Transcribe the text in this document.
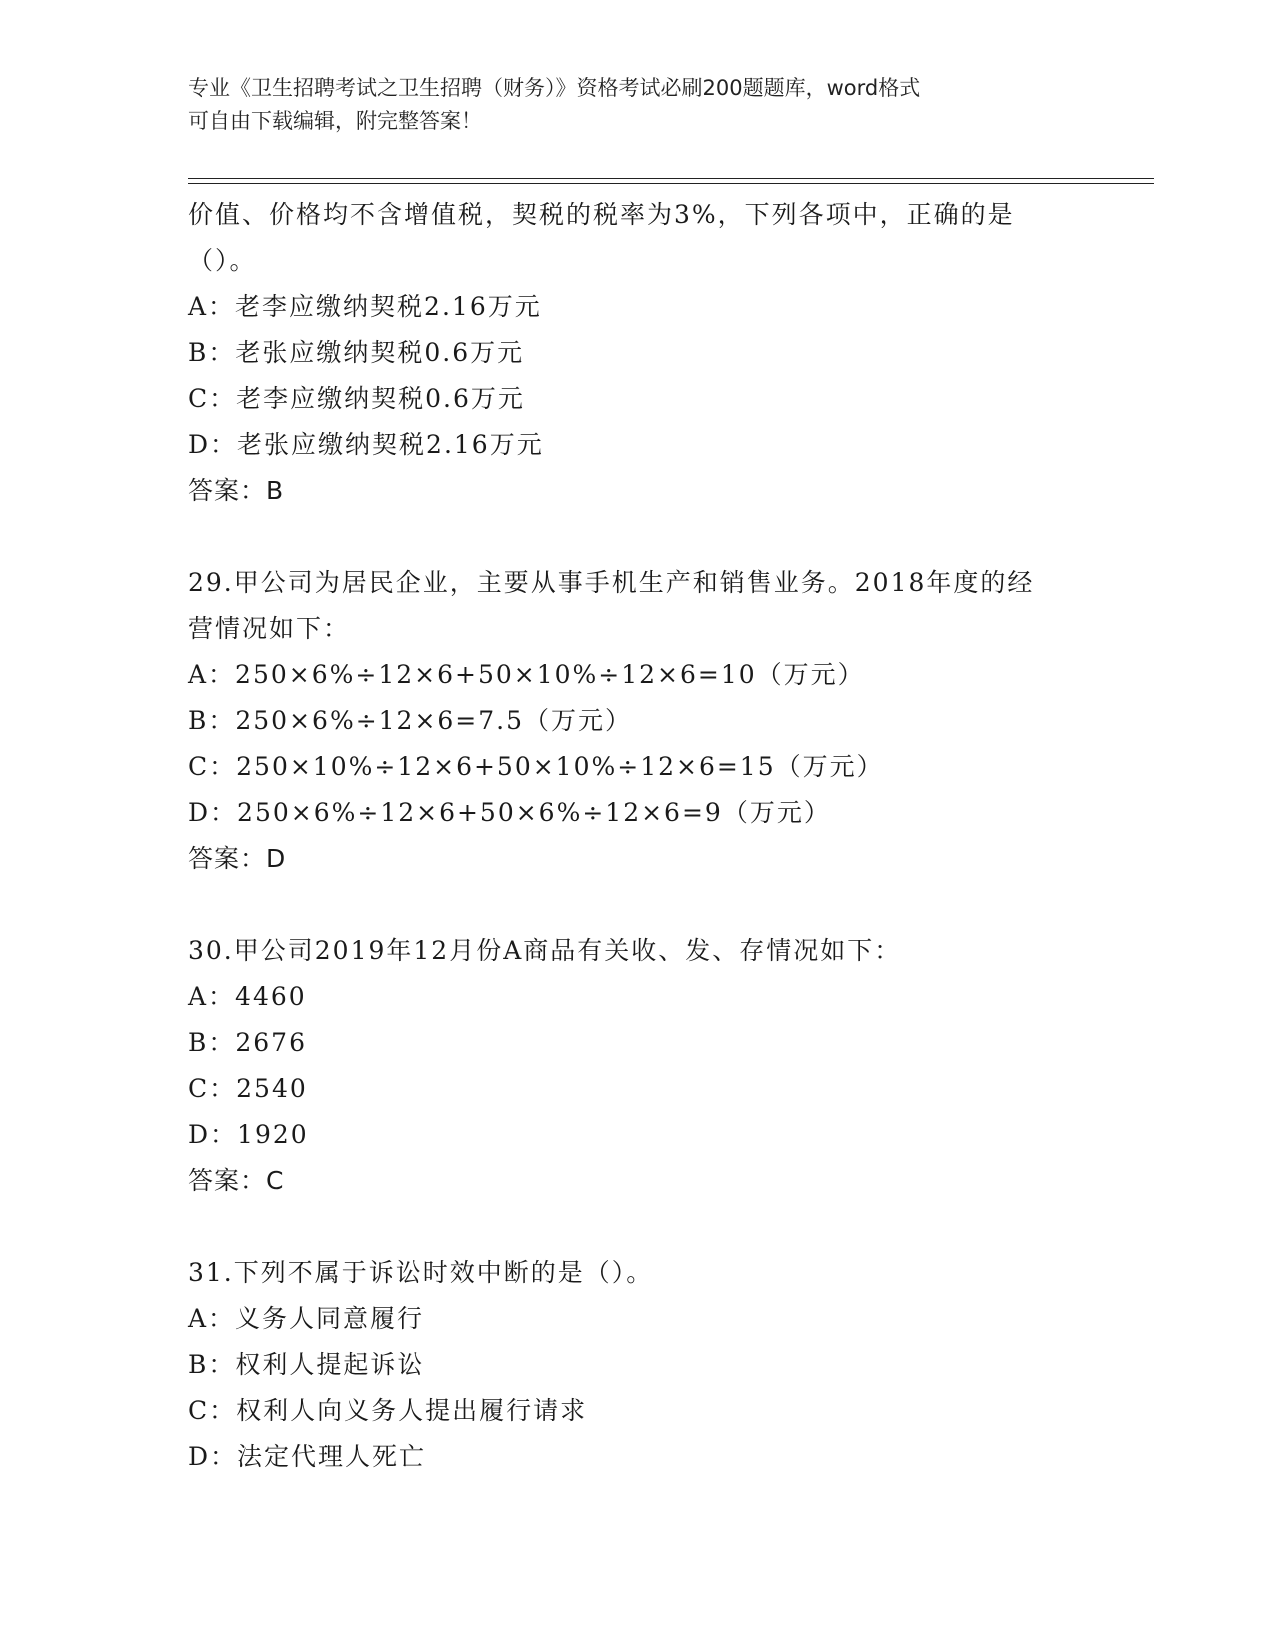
专业《卫生招聘考试之卫生招聘（财务）》资格考试必刷200题题库，word格式

可自由下载编辑，附完整答案！

价值、价格均不含增值税，契税的税率为3%，下列各项中，正确的是
（）。
A：老李应缴纳契税2.16万元
B：老张应缴纳契税0.6万元
C：老李应缴纳契税0.6万元
D：老张应缴纳契税2.16万元
答案：B
29.甲公司为居民企业，主要从事手机生产和销售业务。2018年度的经
营情况如下：
A：250×6%÷12×6+50×10%÷12×6=10（万元）
B：250×6%÷12×6=7.5（万元）
C：250×10%÷12×6+50×10%÷12×6=15（万元）
D：250×6%÷12×6+50×6%÷12×6=9（万元）
答案：D
30.甲公司2019年12月份A商品有关收、发、存情况如下：
A：4460
B：2676
C：2540
D：1920
答案：C
31.下列不属于诉讼时效中断的是（）。
A：义务人同意履行
B：权利人提起诉讼
C：权利人向义务人提出履行请求
D：法定代理人死亡
